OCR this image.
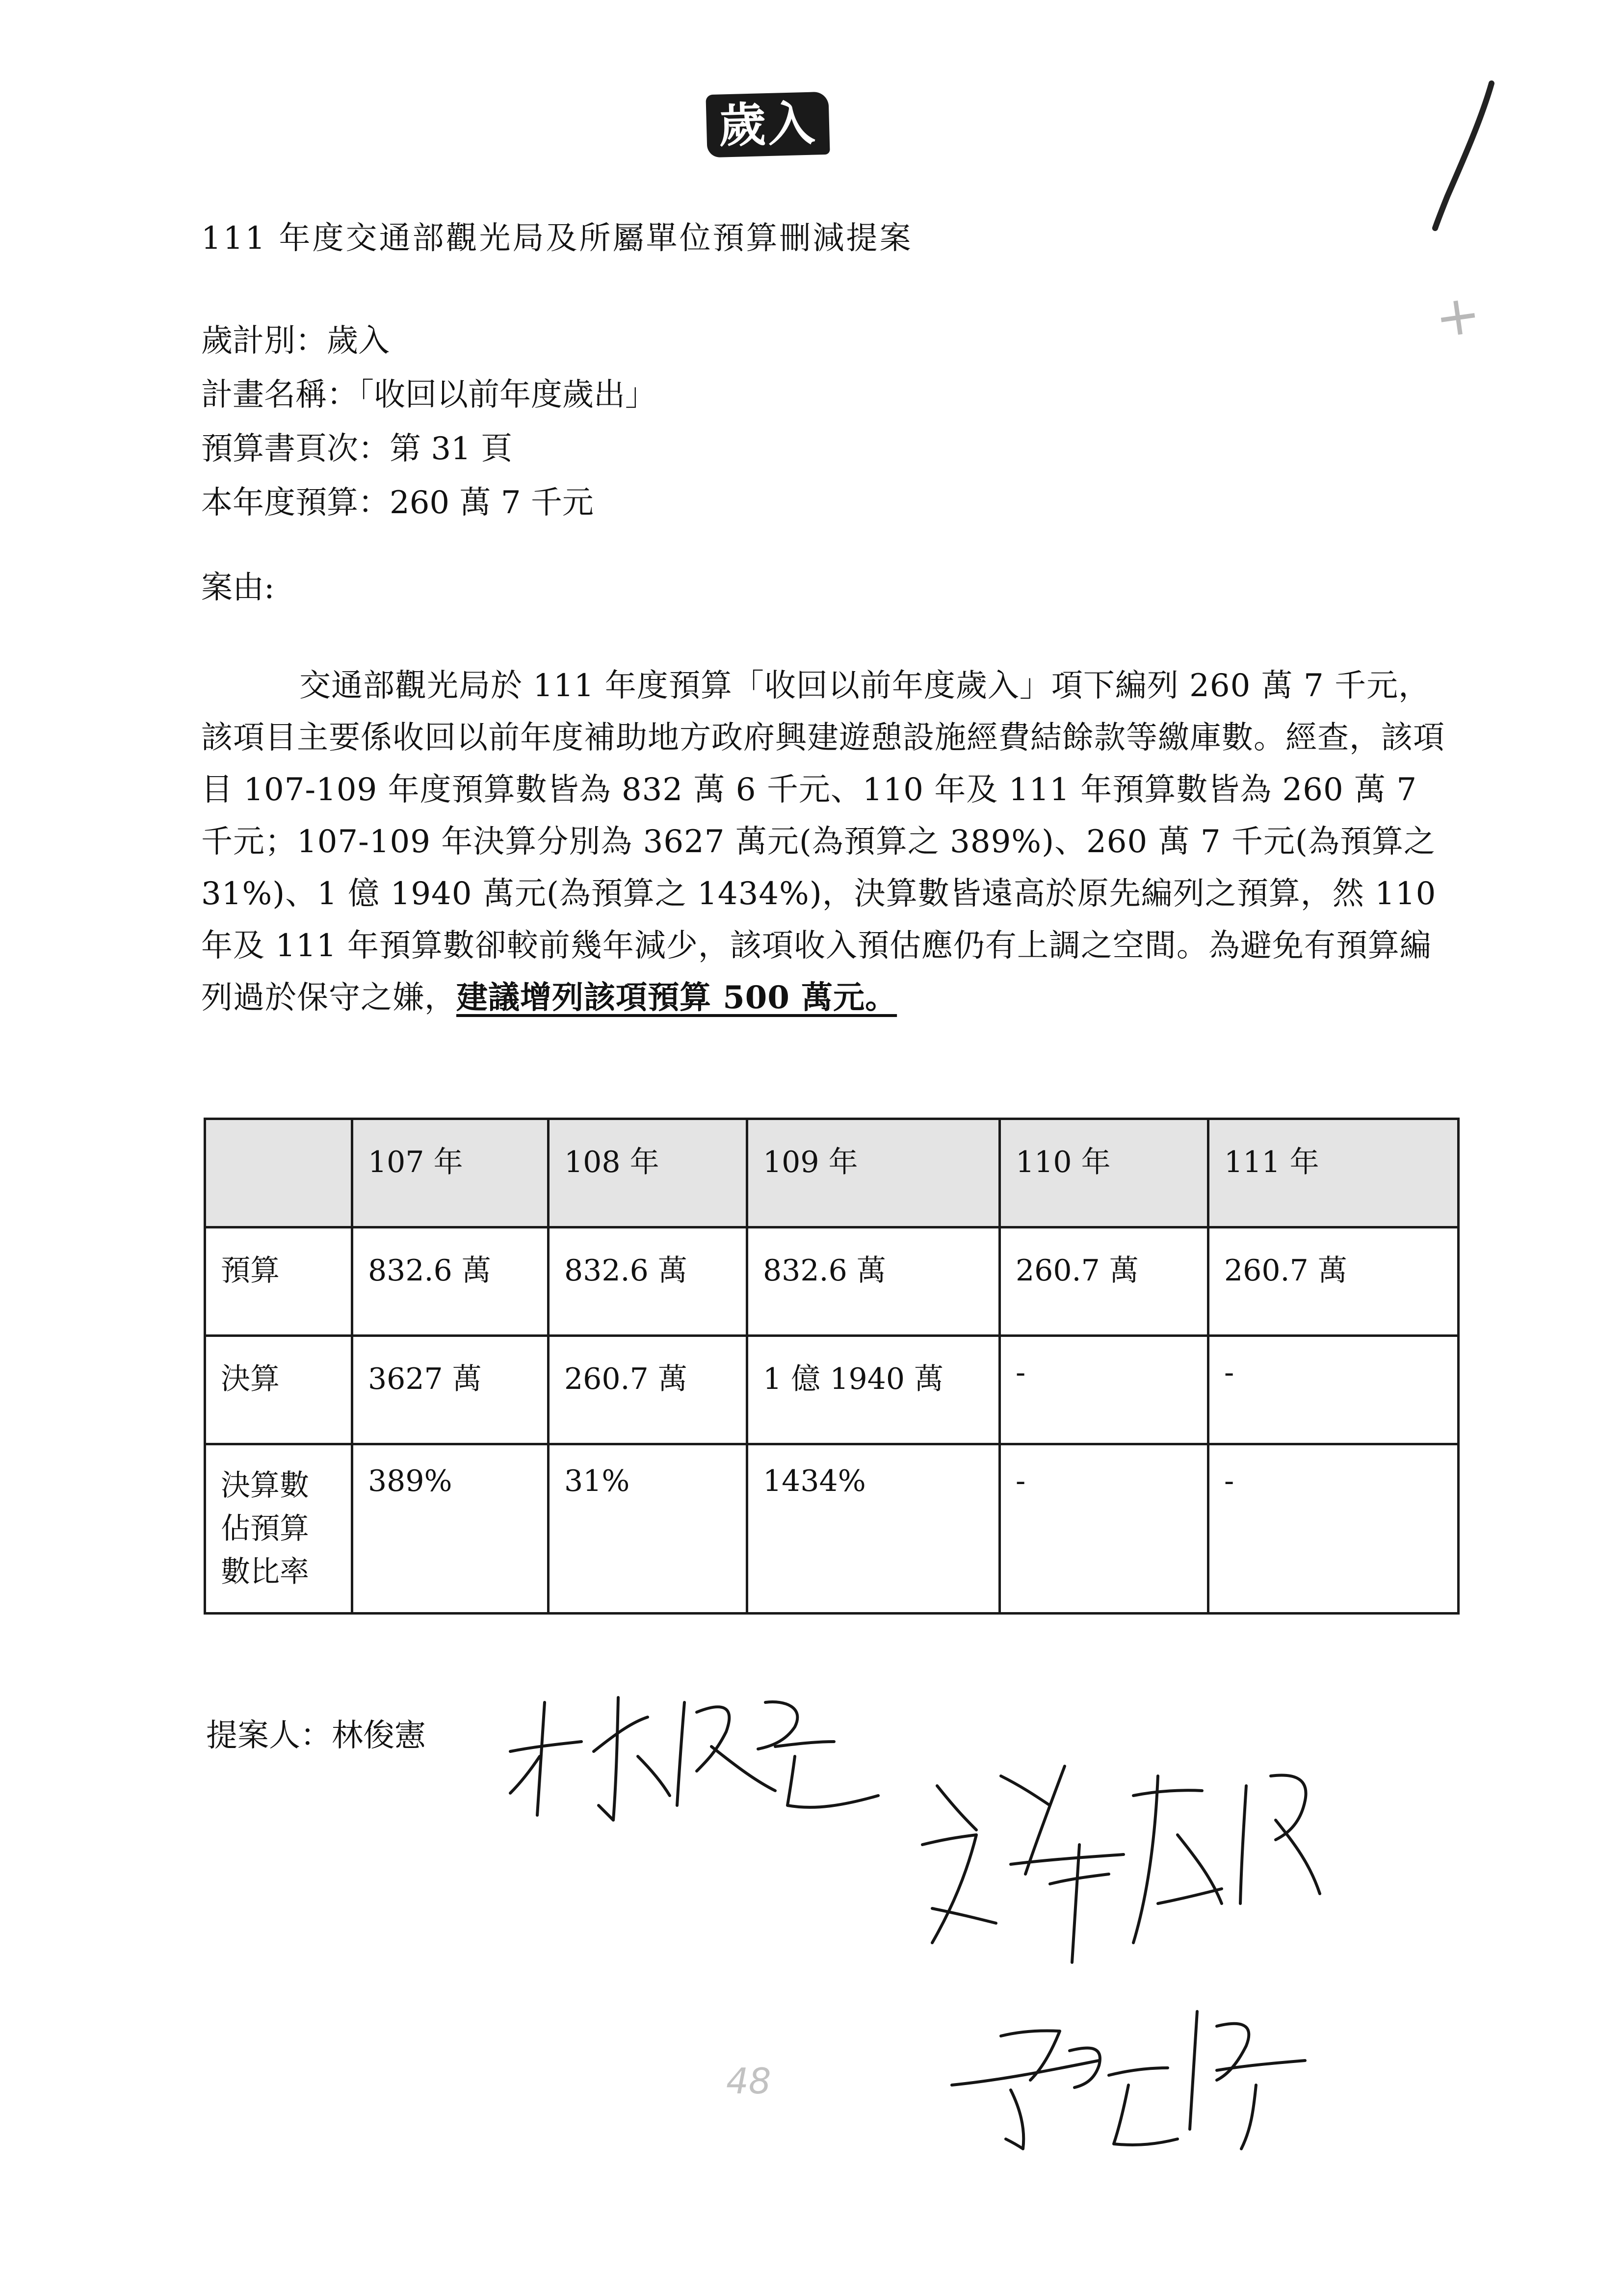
歲入
+
111 年度交通部觀光局及所屬單位預算刪減提案
歲計別：歲入
計畫名稱：「收回以前年度歲出」
預算書頁次：第 31 頁
本年度預算：260 萬 7 千元
案由:

交通部觀光局於 111 年度預算「收回以前年度歲入」項下編列 260 萬 7 千元，該項目主要係收回以前年度補助地方政府興建遊憩設施經費結餘款等繳庫數。經查，該項目 107-109 年度預算數皆為 832 萬 6 千元、110 年及 111 年預算數皆為 260 萬 7 千元；107-109 年決算分別為 3627 萬元(為預算之 389%)、260 萬 7 千元(為預算之 31%)、1 億 1940 萬元(為預算之 1434%)，決算數皆遠高於原先編列之預算，然 110 年及 111 年預算數卻較前幾年減少，該項收入預估應仍有上調之空間。為避免有預算編列過於保守之嫌，建議增列該項預算 500 萬元。

	107 年	108 年	109 年	110 年	111 年
預算	832.6 萬	832.6 萬	832.6 萬	260.7 萬	260.7 萬
決算	3627 萬	260.7 萬	1 億 1940 萬	-	-

決算數佔預算數比率	389%	31%	1434%	-	-
提案人：林俊憲
48
